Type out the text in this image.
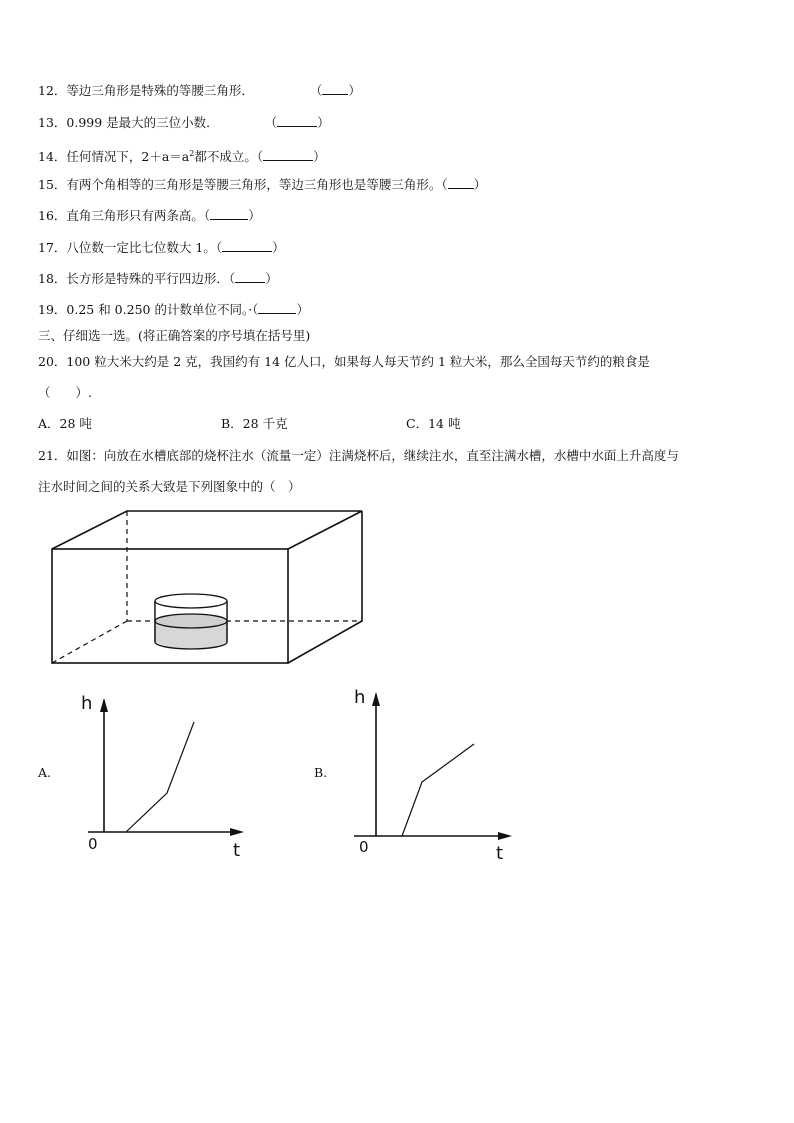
12．等边三角形是特殊的等腰三角形．	（ ）
13．0.999 是最大的三位小数．	（	）
14．任何情况下，$2+a=a^2$都不成立。（	）
15．有两个角相等的三角形是等腰三角形，等边三角形也是等腰三角形。（ ）
16．直角三角形只有两条高。（	）
17．八位数一定比七位数大 1。（	）
18．长方形是特殊的平行四边形．（ ）
19．0.25 和 0.250 的计数单位不同。·（	）
三、仔细选一选。(将正确答案的序号填在括号里)
20．100 粒大米大约是 2 克，我国约有 14 亿人口，如果每人每天节约 1 粒大米，那么全国每天节约的粮食是
（　　）.
A．28 吨	B．28 千克	C．14 吨
21．如图：向放在水槽底部的烧杯注水（流量一定）注满烧杯后，继续注水，直至注满水槽，水槽中水面上升高度与
注水时间之间的关系大致是下列图象中的（　）
A.
h
t
0
B.
h
t
0
